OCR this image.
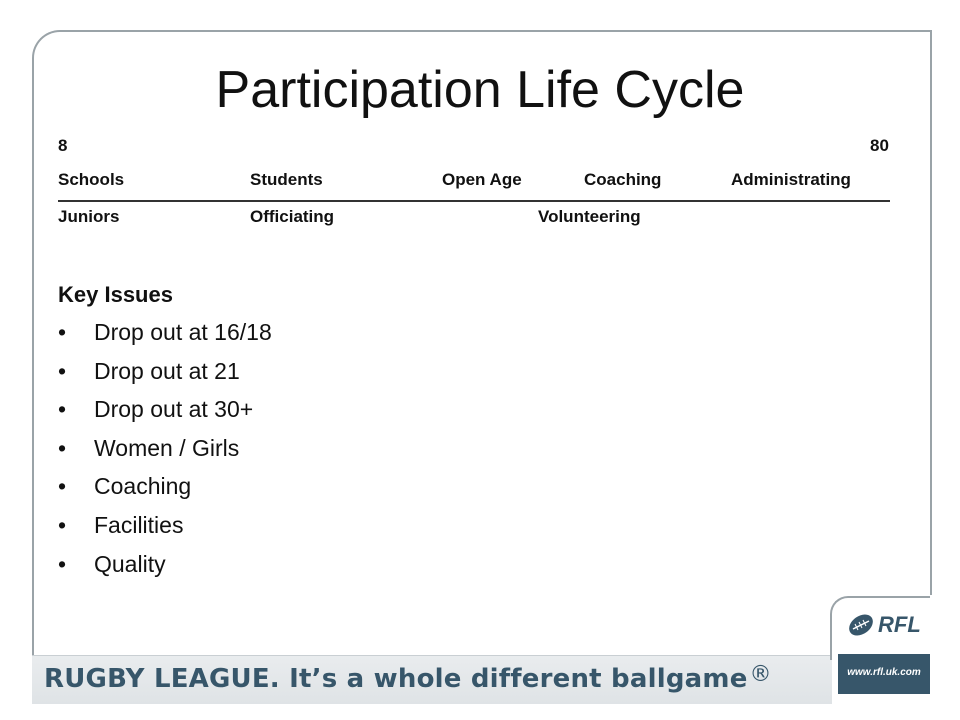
Participation Life Cycle
8	80
Schools	Students	Open Age	Coaching	Administrating
Juniors	Officiating	Volunteering
Key Issues
• Drop out at 16/18
• Drop out at 21
• Drop out at 30+
• Women / Girls
• Coaching
• Facilities
• Quality
RUGBY LEAGUE. It’s a whole different ballgame®
RFL
www.rfl.uk.com
